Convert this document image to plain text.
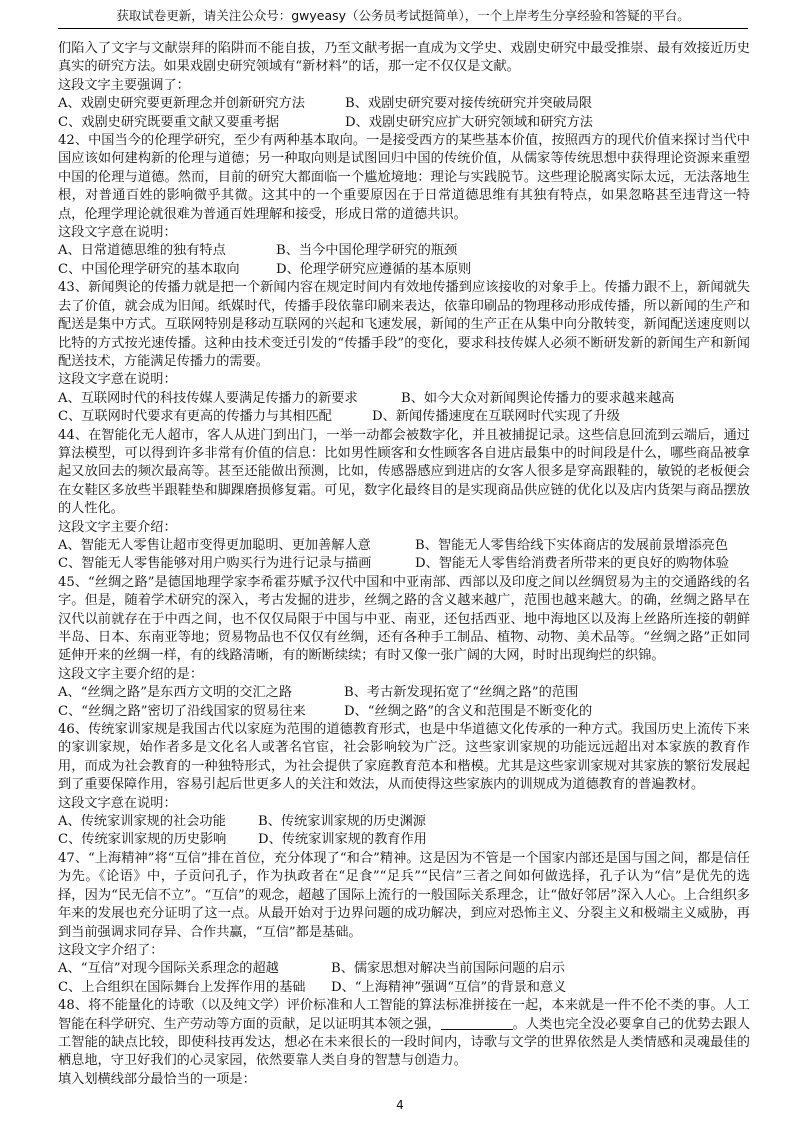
获取试卷更新，请关注公众号：gwyeasy（公务员考试挺简单），一个上岸考生分享经验和答疑的平台。

们陷入了文字与文献崇拜的陷阱而不能自拔，乃至文献考据一直成为文学史、戏剧史研究中最受推崇、最有效接近历史真实的研究方法。如果戏剧史研究领域有“新材料”的话，那一定不仅仅是文献。

这段文字主要强调了：

A、戏剧史研究要更新理念并创新研究方法	B、戏剧史研究要对接传统研究并突破局限
C、戏剧史研究既要重文献又要重考据	D、戏剧史研究应扩大研究领域和研究方法

42、中国当今的伦理学研究，至少有两种基本取向。一是接受西方的某些基本价值，按照西方的现代价值来探讨当代中国应该如何建构新的伦理与道德；另一种取向则是试图回归中国的传统价值，从儒家等传统思想中获得理论资源来重塑中国的伦理与道德。然而，目前的研究大都面临一个尴尬境地：理论与实践脱节。这些理论脱离实际太远，无法落地生根，对普通百姓的影响微乎其微。这其中的一个重要原因在于日常道德思维有其独有特点，如果忽略甚至违背这一特点，伦理学理论就很难为普通百姓理解和接受，形成日常的道德共识。

这段文字意在说明：

A、日常道德思维的独有特点	B、当今中国伦理学研究的瓶颈
C、中国伦理学研究的基本取向	D、伦理学研究应遵循的基本原则

43、新闻舆论的传播力就是把一个新闻内容在规定时间内有效地传播到应该接收的对象手上。传播力跟不上，新闻就失去了价值，就会成为旧闻。纸媒时代，传播手段依靠印刷来表达，依靠印刷品的物理移动形成传播，所以新闻的生产和配送是集中方式。互联网特别是移动互联网的兴起和飞速发展，新闻的生产正在从集中向分散转变，新闻配送速度则以比特的方式按光速传播。这种由技术变迁引发的“传播手段”的变化，要求科技传媒人必须不断研发新的新闻生产和新闻配送技术，方能满足传播力的需要。

这段文字意在说明：

A、互联网时代的科技传媒人要满足传播力的新要求	B、如今大众对新闻舆论传播力的要求越来越高
C、互联网时代要求有更高的传播力与其相匹配	D、新闻传播速度在互联网时代实现了升级

44、在智能化无人超市，客人从进门到出门，一举一动都会被数字化，并且被捕捉记录。这些信息回流到云端后，通过算法模型，可以得到许多非常有价值的信息：比如男性顾客和女性顾客各自进店最集中的时间段是什么，哪些商品被拿起又放回去的频次最高等。甚至还能做出预测，比如，传感器感应到进店的女客人很多是穿高跟鞋的，敏锐的老板便会在女鞋区多放些半跟鞋垫和脚踝磨损修复霜。可见，数字化最终目的是实现商品供应链的优化以及店内货架与商品摆放的人性化。

这段文字主要介绍：

A、智能无人零售让超市变得更加聪明、更加善解人意	B、智能无人零售给线下实体商店的发展前景增添亮色
C、智能无人零售能够对用户购买行为进行记录与描画	D、智能无人零售给消费者所带来的更良好的购物体验

45、“丝绸之路”是德国地理学家李希霍芬赋予汉代中国和中亚南部、西部以及印度之间以丝绸贸易为主的交通路线的名字。但是，随着学术研究的深入，考古发掘的进步，丝绸之路的含义越来越广，范围也越来越大。的确，丝绸之路早在汉代以前就存在于中西之间，也不仅仅局限于中国与中亚、南亚，还包括西亚、地中海地区以及海上丝路所连接的朝鲜半岛、日本、东南亚等地；贸易物品也不仅仅有丝绸，还有各种手工制品、植物、动物、美术品等。“丝绸之路”正如同延伸开来的丝绸一样，有的线路清晰，有的断断续续；有时又像一张广阔的大网，时时出现绚烂的织锦。

这段文字主要介绍的是：

A、“丝绸之路”是东西方文明的交汇之路	B、考古新发现拓宽了“丝绸之路”的范围
C、“丝绸之路”密切了沿线国家的贸易往来	D、“丝绸之路”的含义和范围是不断变化的

46、传统家训家规是我国古代以家庭为范围的道德教育形式，也是中华道德文化传承的一种方式。我国历史上流传下来的家训家规，始作者多是文化名人或著名官宦，社会影响较为广泛。这些家训家规的功能远远超出对本家族的教育作用，而成为社会教育的一种独特形式，为社会提供了家庭教育范本和楷模。尤其是这些家训家规对其家族的繁衍发展起到了重要保障作用，容易引起后世更多人的关注和效法，从而使得这些家族内的训规成为道德教育的普遍教材。

这段文字意在说明：

A、传统家训家规的社会功能	B、传统家训家规的历史渊源
C、传统家训家规的历史影响	D、传统家训家规的教育作用

47、“上海精神”将“互信”排在首位，充分体现了“和合”精神。这是因为不管是一个国家内部还是国与国之间，都是信任为先。《论语》中，子贡问孔子，作为执政者在“足食”“足兵”“民信”三者之间如何做选择，孔子认为“信”是优先的选择，因为“民无信不立”。“互信”的观念，超越了国际上流行的一般国际关系理念，让“做好邻居”深入人心。上合组织多年来的发展也充分证明了这一点。从最开始对于边界问题的成功解决，到应对恐怖主义、分裂主义和极端主义威胁，再到当前强调求同存异、合作共赢，“互信”都是基础。

这段文字介绍了：

A、“互信”对现今国际关系理念的超越	B、儒家思想对解决当前国际问题的启示
C、上合组织在国际舞台上发挥作用的基础	D、“上海精神”强调“互信”的背景和意义

48、将不能量化的诗歌（以及纯文学）评价标准和人工智能的算法标准拼接在一起，本来就是一件不伦不类的事。人工智能在科学研究、生产劳动等方面的贡献，足以证明其本领之强，	。人类也完全没必要拿自己的优势去跟人工智能的缺点比较，即使科技再发达，想必在未来很长的一段时间内，诗歌与文学的世界依然是人类情感和灵魂最佳的栖息地，守卫好我们的心灵家园，依然要靠人类自身的智慧与创造力。

填入划横线部分最恰当的一项是：

4
